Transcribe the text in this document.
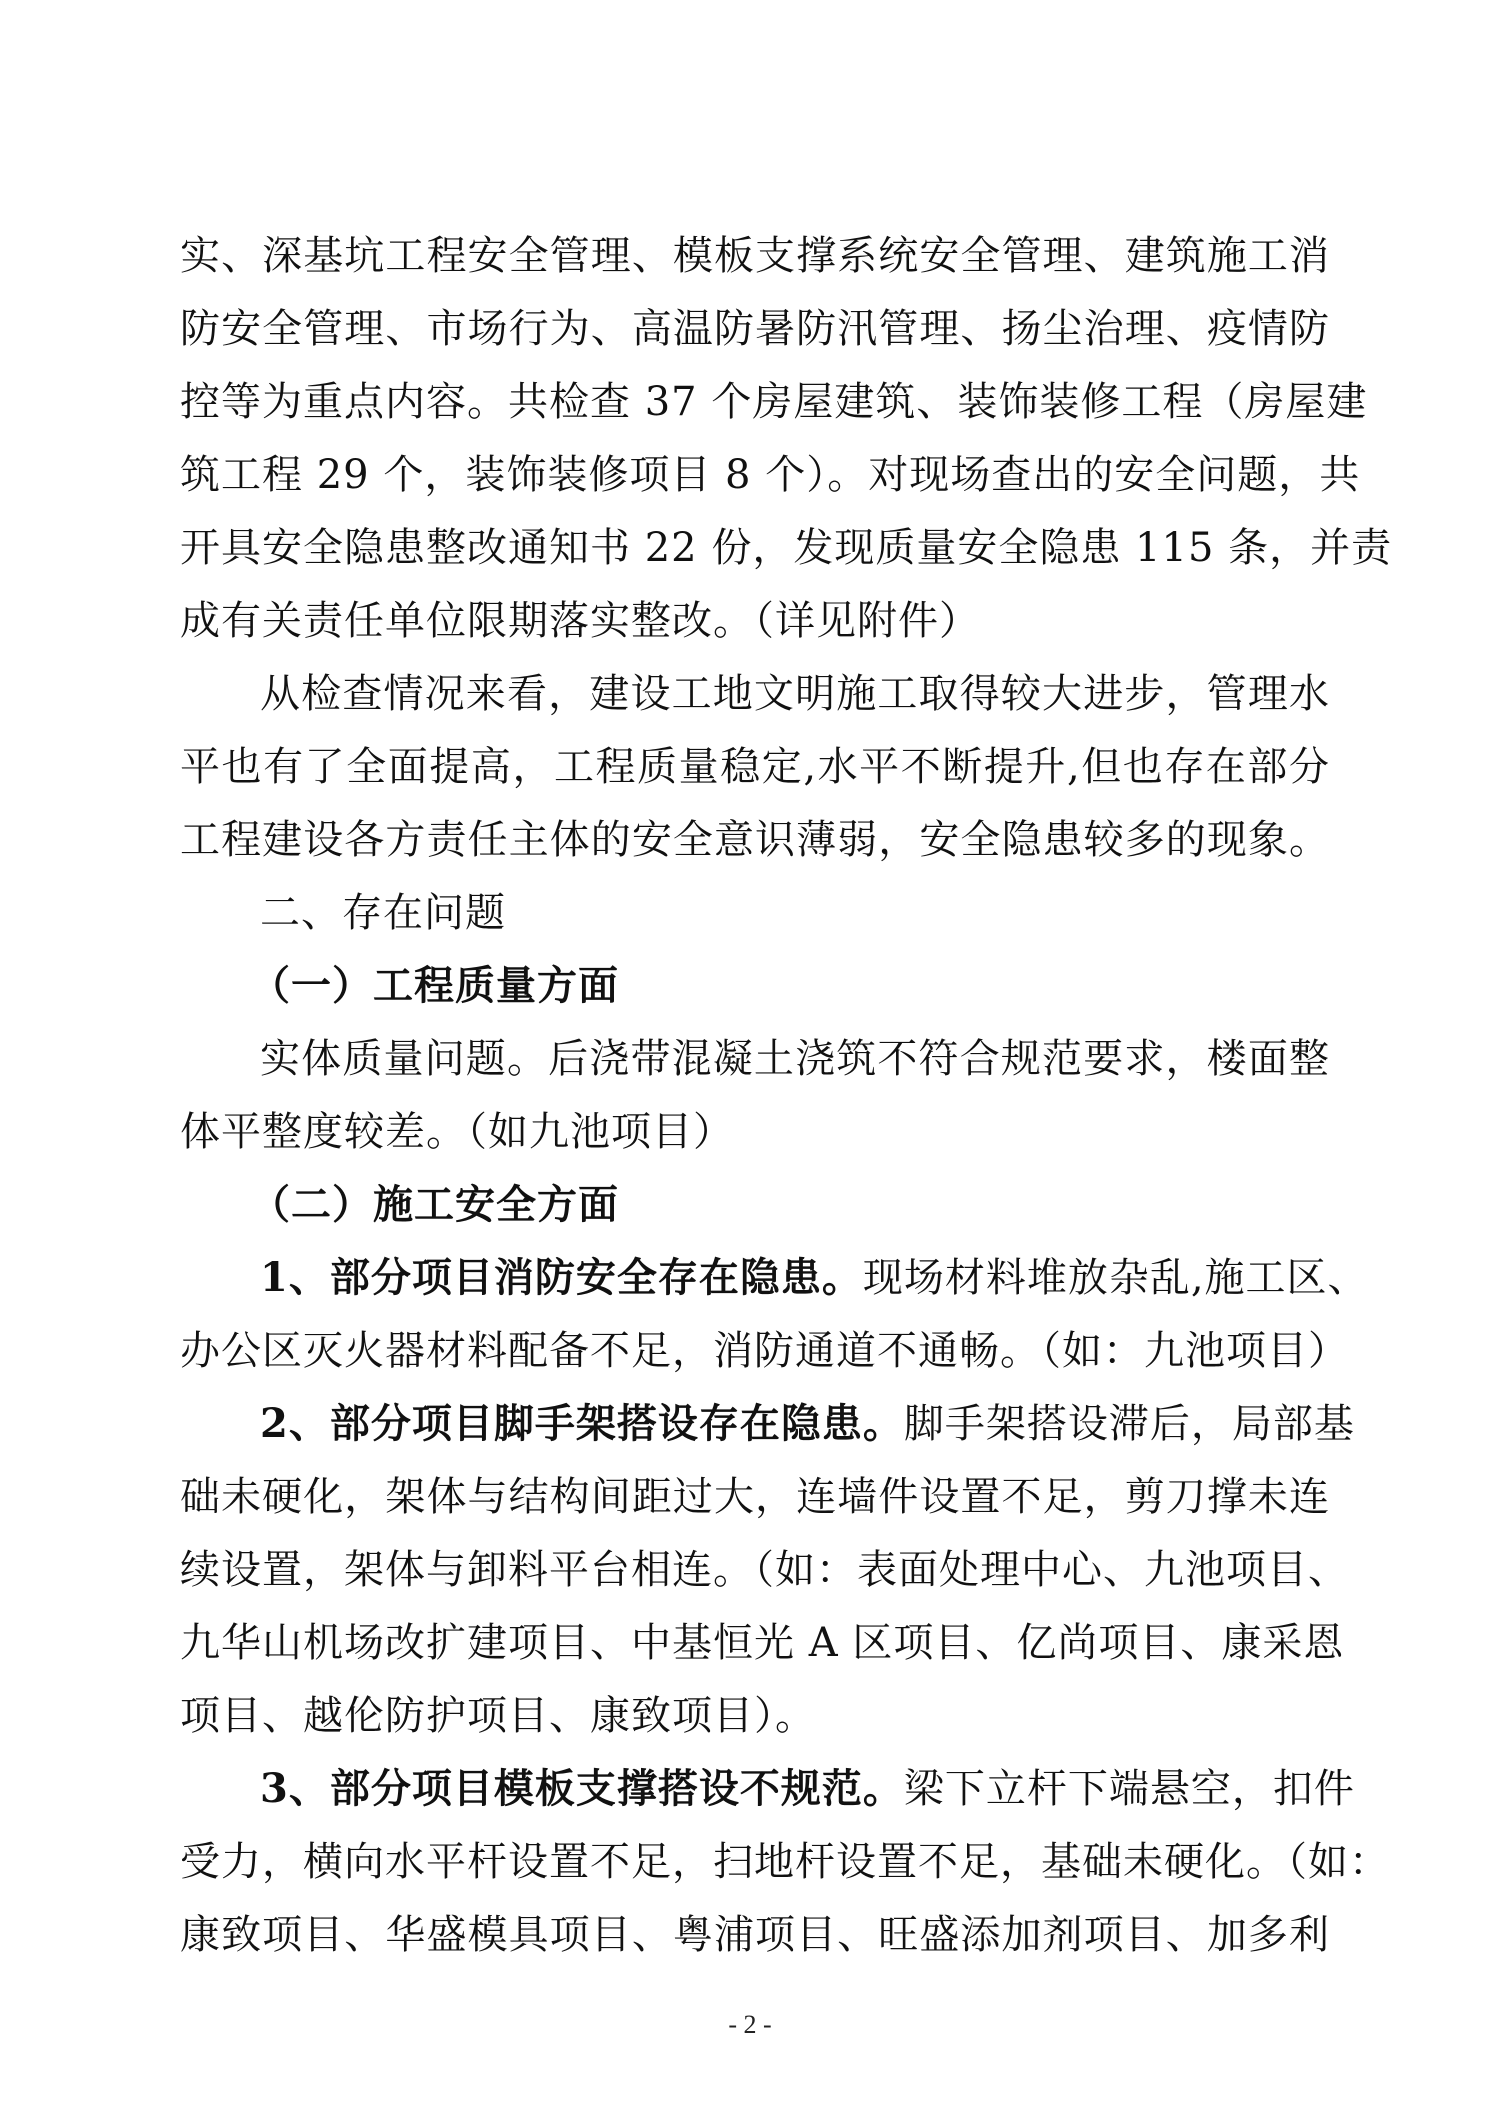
实、深基坑工程安全管理、模板支撑系统安全管理、建筑施工消
防安全管理、市场行为、高温防暑防汛管理、扬尘治理、疫情防
控等为重点内容。共检查 37 个房屋建筑、装饰装修工程（房屋建
筑工程 29 个，装饰装修项目 8 个）。对现场查出的安全问题，共
开具安全隐患整改通知书 22 份，发现质量安全隐患 115 条，并责
成有关责任单位限期落实整改。（详见附件）
从检查情况来看，建设工地文明施工取得较大进步，管理水
平也有了全面提高，工程质量稳定,水平不断提升,但也存在部分
工程建设各方责任主体的安全意识薄弱，安全隐患较多的现象。
二、存在问题
（一）工程质量方面
实体质量问题。后浇带混凝土浇筑不符合规范要求，楼面整
体平整度较差。（如九池项目）
（二）施工安全方面
1、部分项目消防安全存在隐患。现场材料堆放杂乱,施工区、
办公区灭火器材料配备不足，消防通道不通畅。（如：九池项目）
2、部分项目脚手架搭设存在隐患。脚手架搭设滞后，局部基
础未硬化，架体与结构间距过大，连墙件设置不足，剪刀撑未连
续设置，架体与卸料平台相连。（如：表面处理中心、九池项目、
九华山机场改扩建项目、中基恒光 A 区项目、亿尚项目、康采恩
项目、越伦防护项目、康致项目）。
3、部分项目模板支撑搭设不规范。梁下立杆下端悬空，扣件
受力，横向水平杆设置不足，扫地杆设置不足，基础未硬化。（如：
康致项目、华盛模具项目、粤浦项目、旺盛添加剂项目、加多利
- 2 -
